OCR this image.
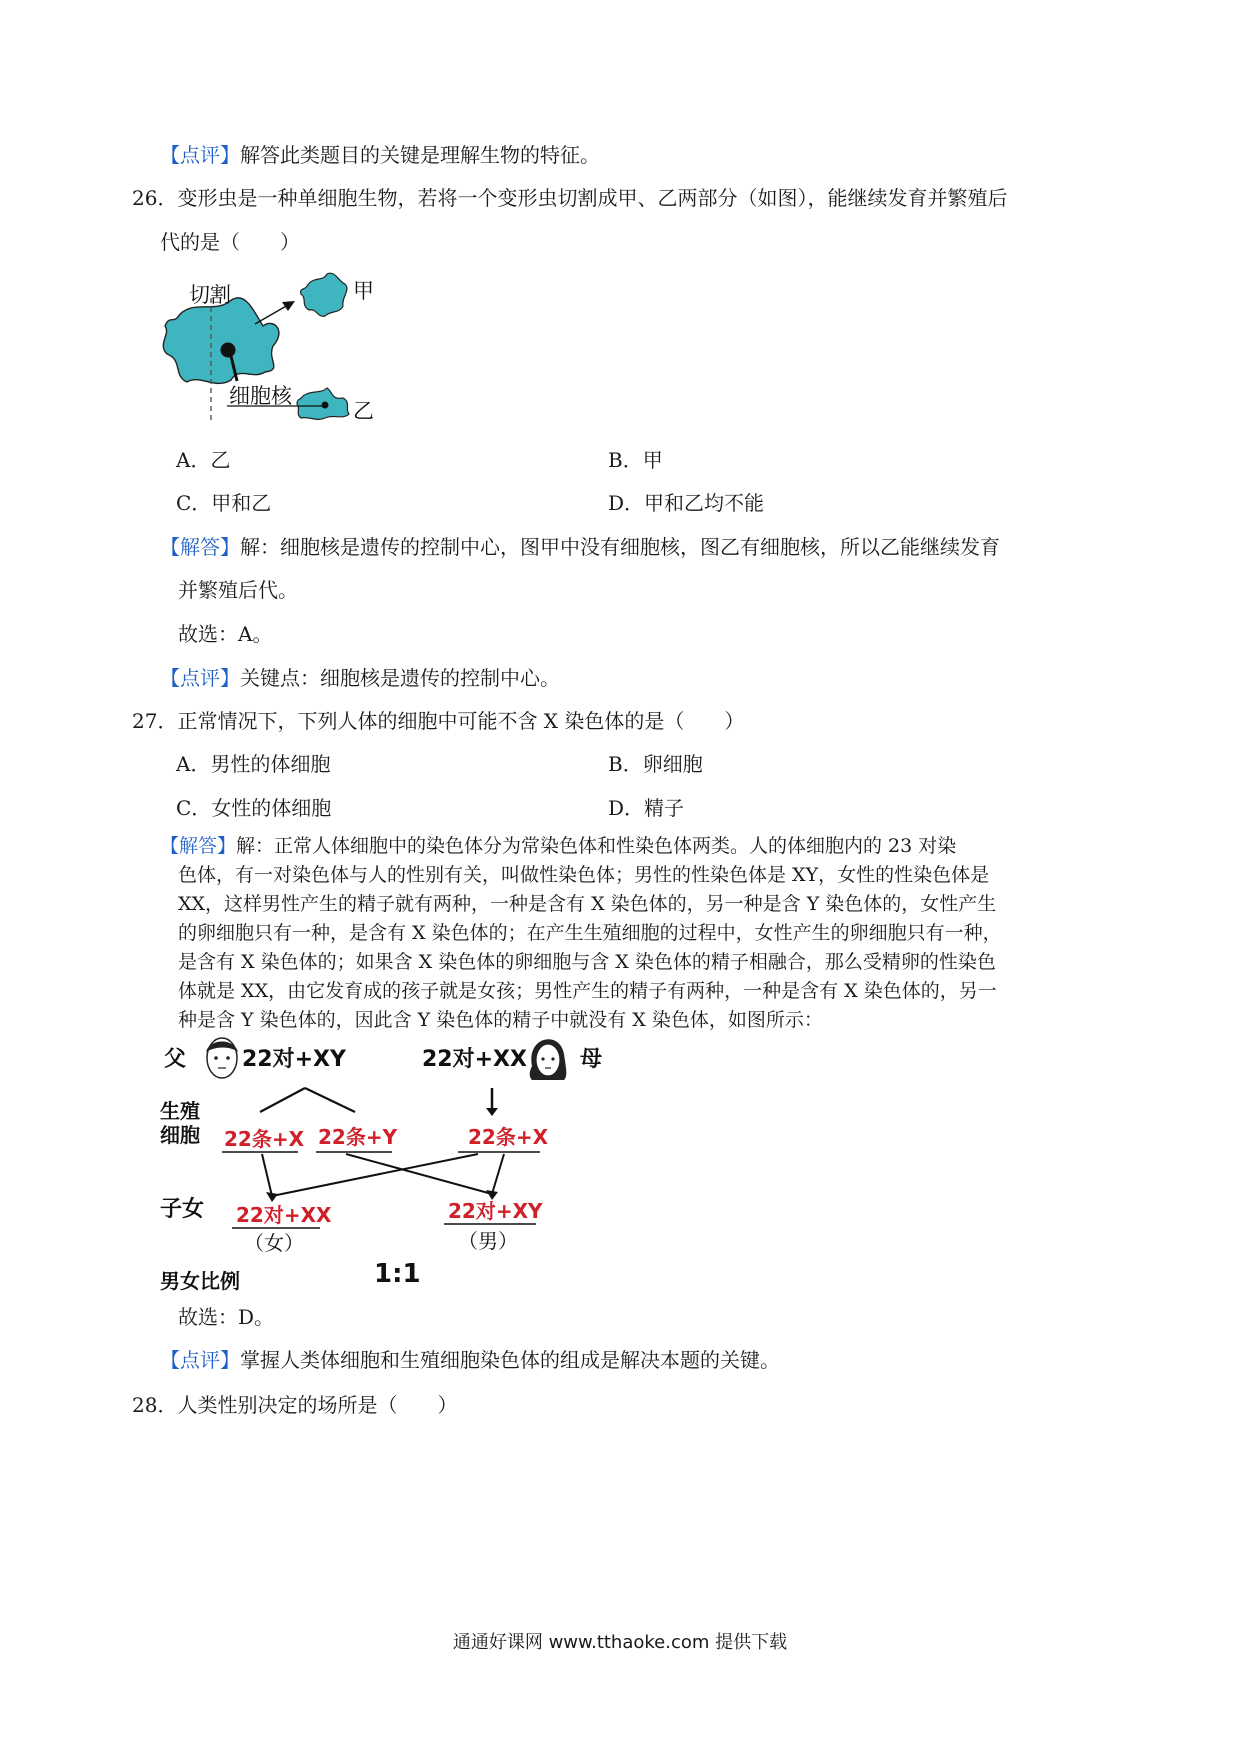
【点评】解答此类题目的关键是理解生物的特征。
26．变形虫是一种单细胞生物，若将一个变形虫切割成甲、乙两部分（如图），能继续发育并繁殖后
代的是（　　）
切割	甲
细胞核
乙
A．乙	B．甲
C．甲和乙	D．甲和乙均不能
【解答】解：细胞核是遗传的控制中心，图甲中没有细胞核，图乙有细胞核，所以乙能继续发育
并繁殖后代。
故选：A。
【点评】关键点：细胞核是遗传的控制中心。
27．正常情况下，下列人体的细胞中可能不含 X 染色体的是（　　）
A．男性的体细胞	B．卵细胞
C．女性的体细胞	D．精子
【解答】解：正常人体细胞中的染色体分为常染色体和性染色体两类。人的体细胞内的 23 对染
色体，有一对染色体与人的性别有关，叫做性染色体；男性的性染色体是 XY，女性的性染色体是
XX，这样男性产生的精子就有两种，一种是含有 X 染色体的，另一种是含 Y 染色体的，女性产生
的卵细胞只有一种，是含有 X 染色体的；在产生生殖细胞的过程中，女性产生的卵细胞只有一种，
是含有 X 染色体的；如果含 X 染色体的卵细胞与含 X 染色体的精子相融合，那么受精卵的性染色
体就是 XX，由它发育成的孩子就是女孩；男性产生的精子有两种，一种是含有 X 染色体的，另一
种是含 Y 染色体的，因此含 Y 染色体的精子中就没有 X 染色体，如图所示：
父	22对+XY	22对+XX 母
生殖
细胞 22条+X 22条+Y	22条+X
子女 22对+XX
（女）
22对+XY
（男）
男女比例	1:1
故选：D。
【点评】掌握人类体细胞和生殖细胞染色体的组成是解决本题的关键。
28．人类性别决定的场所是（　　）
通通好课网 www.tthaoke.com 提供下载
